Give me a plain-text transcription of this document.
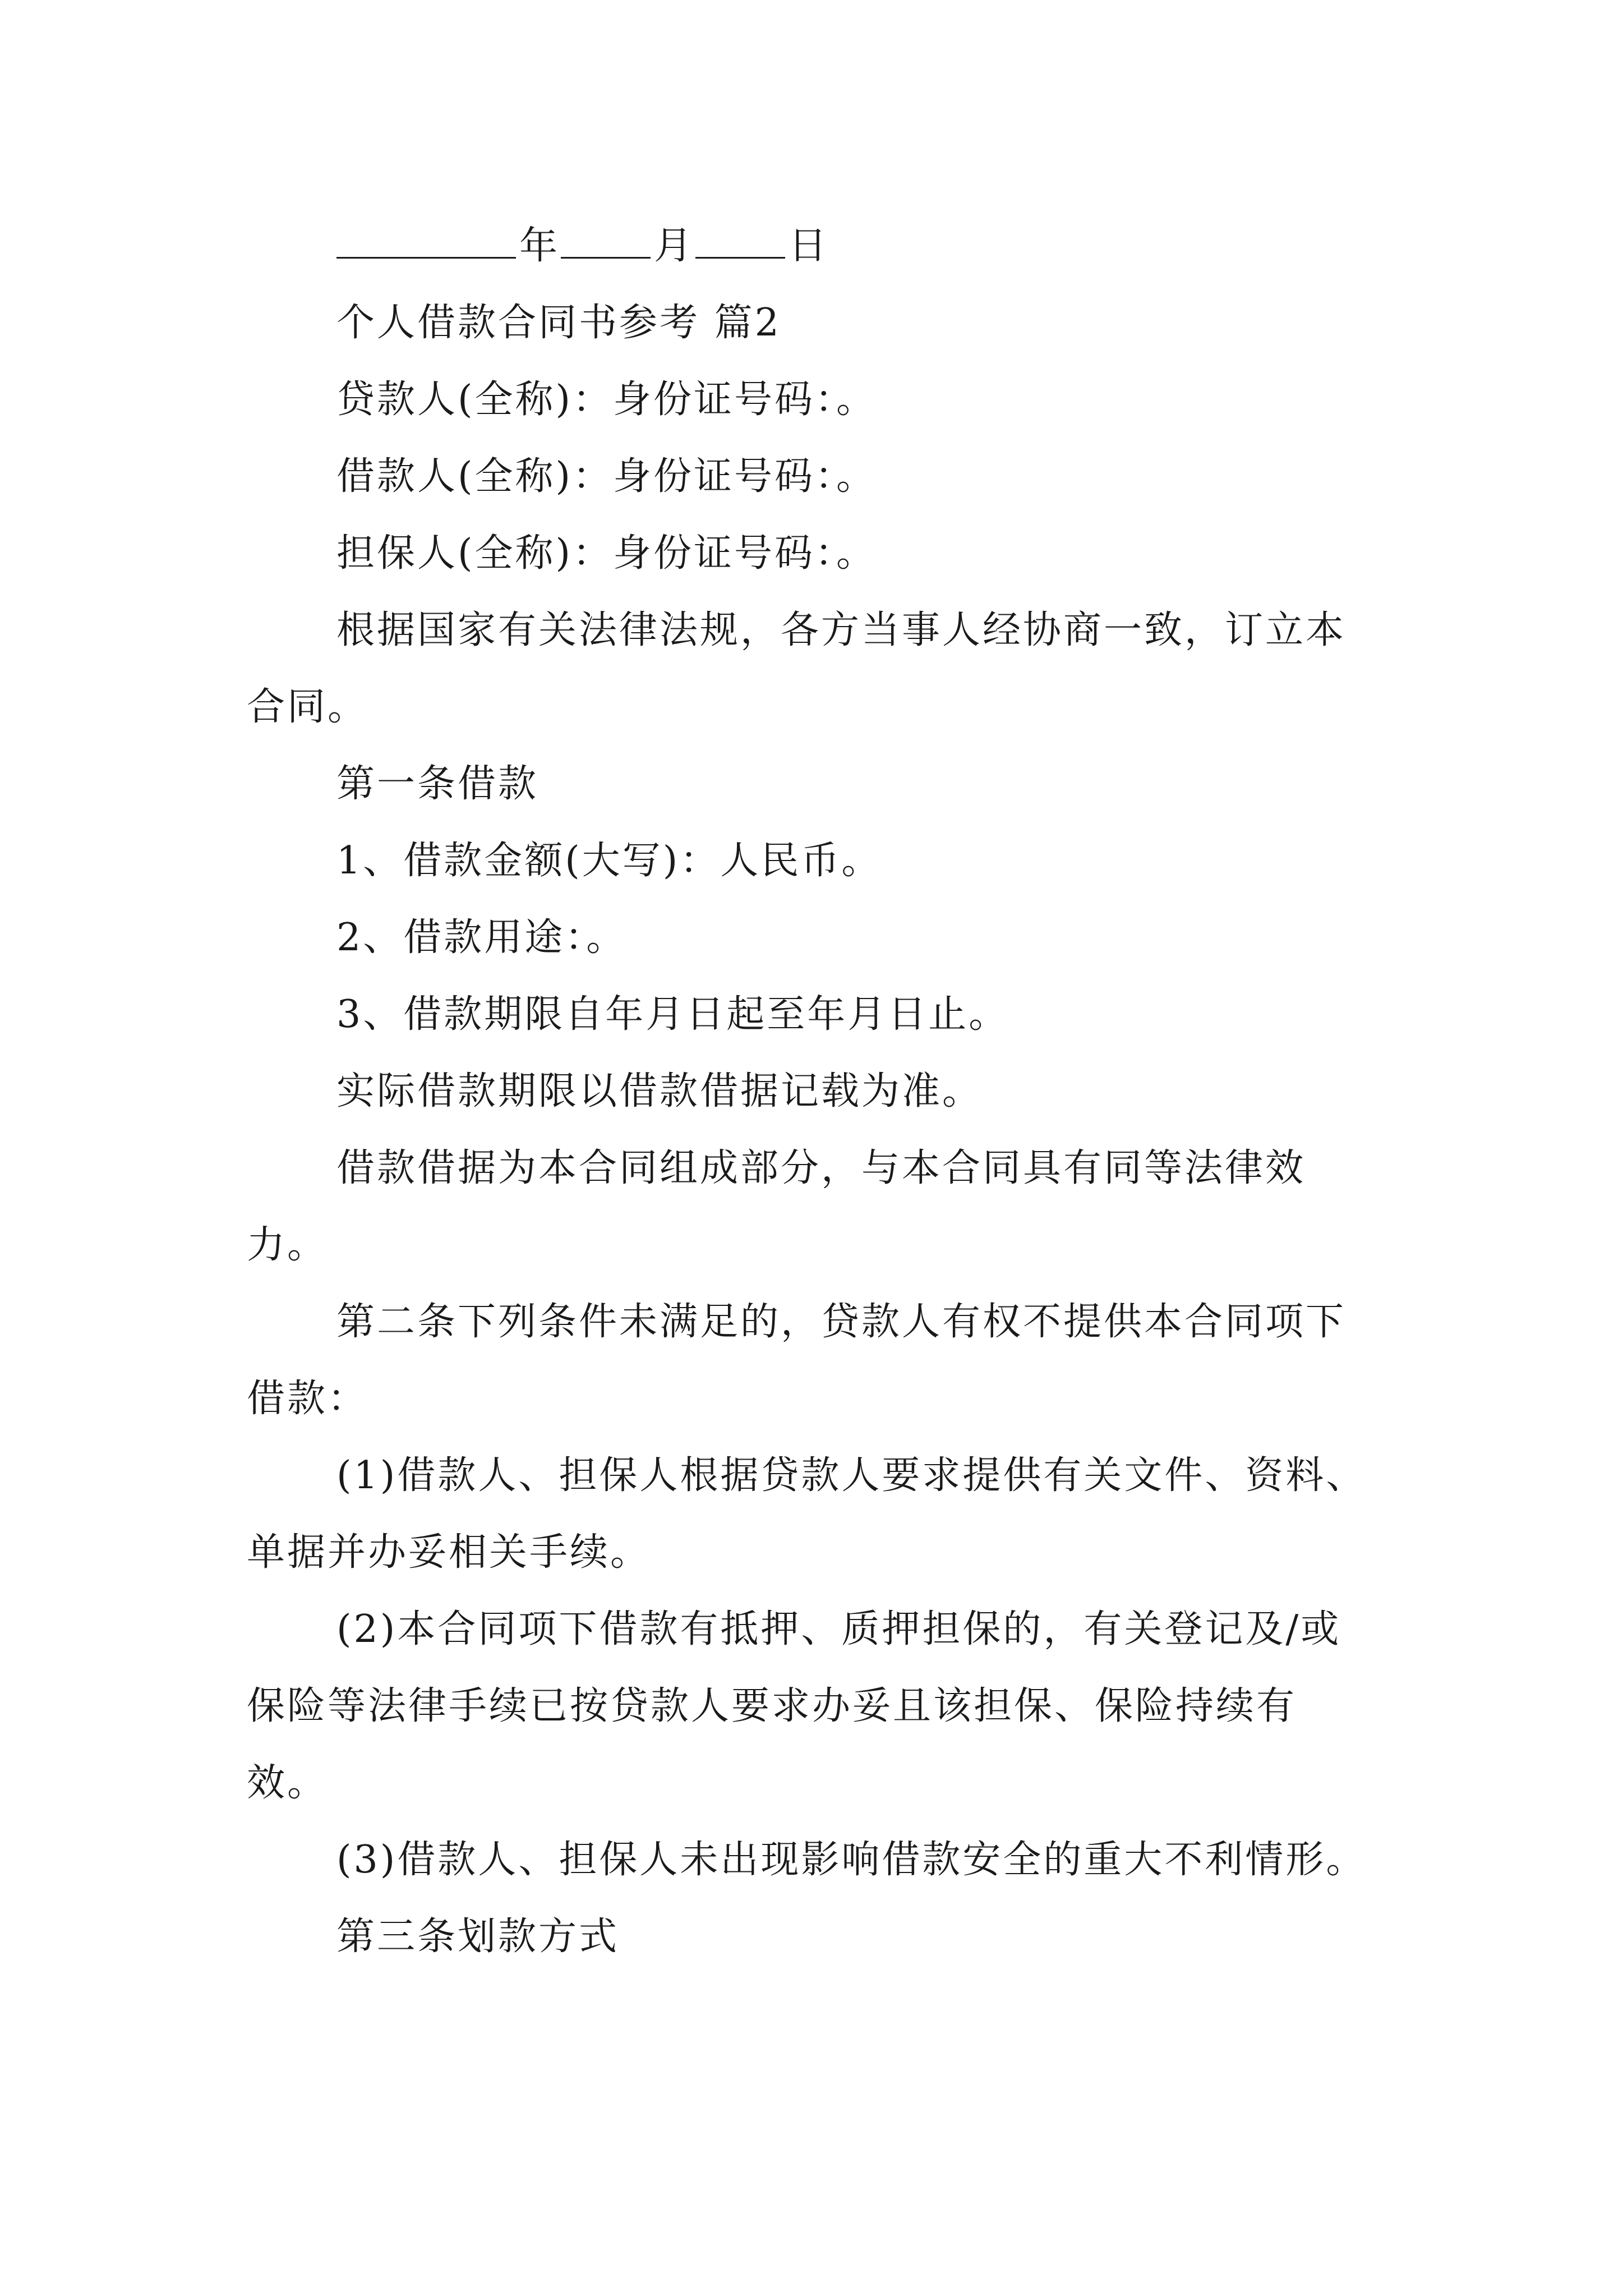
年	月	日

个人借款合同书参考 篇2

贷款人(全称)：身份证号码：。

借款人(全称)：身份证号码：。

担保人(全称)：身份证号码：。

根据国家有关法律法规，各方当事人经协商一致，订立本合同。

第一条借款

1、借款金额(大写)：人民币。

2、借款用途：。

3、借款期限自年月日起至年月日止。

实际借款期限以借款借据记载为准。

借款借据为本合同组成部分，与本合同具有同等法律效力。

第二条下列条件未满足的，贷款人有权不提供本合同项下借款：

(1)借款人、担保人根据贷款人要求提供有关文件、资料、单据并办妥相关手续。

(2)本合同项下借款有抵押、质押担保的，有关登记及/或保险等法律手续已按贷款人要求办妥且该担保、保险持续有效。

(3)借款人、担保人未出现影响借款安全的重大不利情形。

第三条划款方式
